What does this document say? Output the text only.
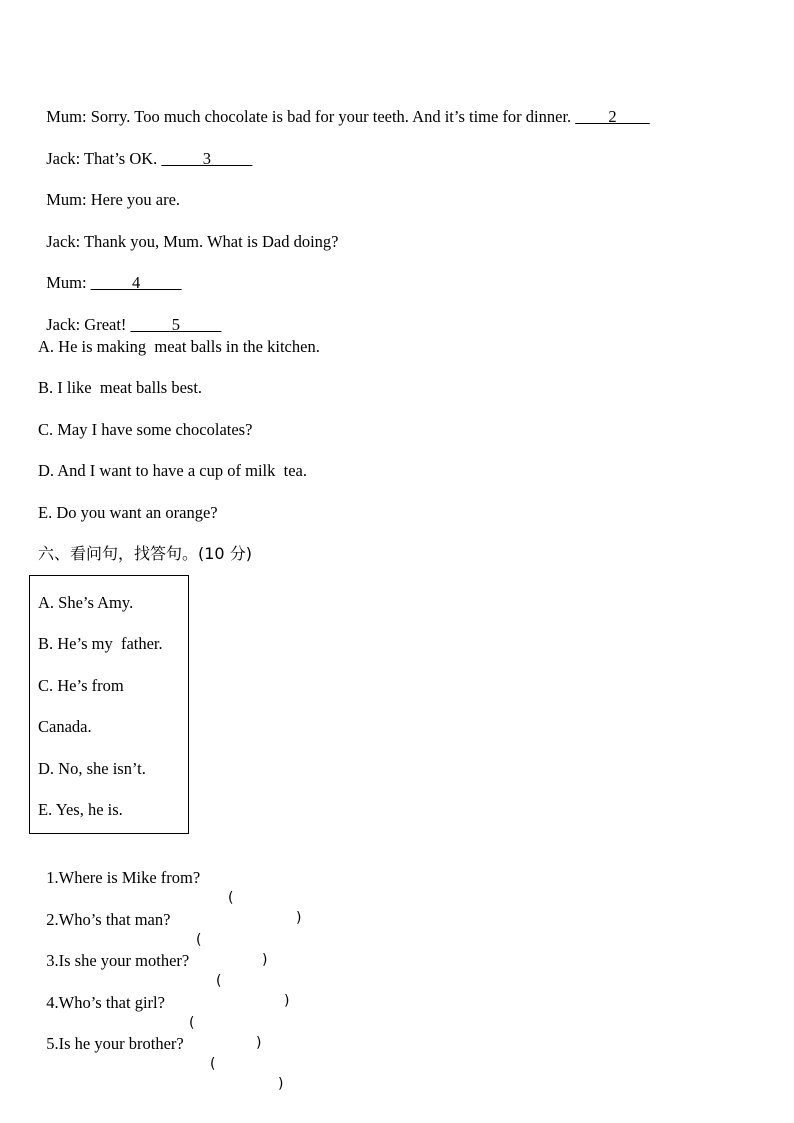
Mum: Sorry. Too much chocolate is bad for your teeth. And it’s time for dinner. ____2____

Jack: That’s OK. _____3_____

Mum: Here you are.

Jack: Thank you, Mum. What is Dad doing?

Mum: _____4_____

Jack: Great! _____5_____

A. He is making  meat balls in the kitchen.
B. I like  meat balls best.
C. May I have some chocolates?
D. And I want to have a cup of milk  tea.
E. Do you want an orange?
六、看问句，找答句。(10 分)
A. She’s Amy.
B. He’s my  father.
C. He’s from
Canada.
D. No, she isn’t.
E. Yes, he is.

1.Where is Mike from?

(

)

2.Who’s that man?

(

)

3.Is she your mother?

(

)

4.Who’s that girl?

(

)

5.Is he your brother?

(

)
